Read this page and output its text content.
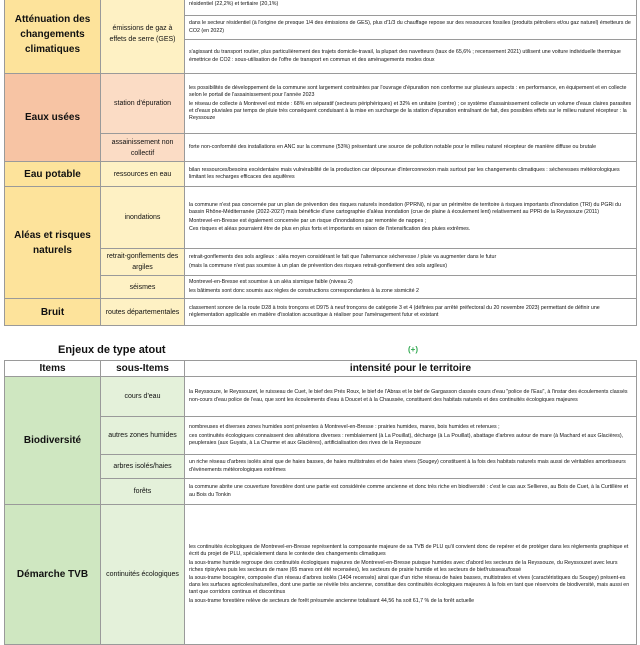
Atténuation des changements climatiques	émissions de gaz à effets de serre (GES)	résidentiel (22,2%) et tertiaire (20,1%)
		dans le secteur résidentiel (à l'origine de presque 1/4 des émissions de GES), plus d'1/3 du chauffage repose sur des ressources fossiles (produits pétroliers et/ou gaz naturel) émetteurs de CO2 (en 2022)
		s'agissant du transport routier, plus particulièrement des trajets domicile-travail, la plupart des navetteurs (taux de 65,6% ; recensement 2021) utilisent une voiture individuelle thermique émettrice de CO2 : sous-utilisation de l'offre de transport en commun et des aménagements modes doux
Eaux usées	station d'épuration	les possibilités de développement de la commune sont largement contraintes par l'ouvrage d'épuration non conforme sur plusieurs aspects : en performance, en équipement et en collecte selon le portail de l'assainissement pour l'année 2023

le réseau de collecte à Montrevel est mixte : 68% en séparatif (secteurs périphériques) et 32% en unitaire (centre) ; ce système d'assainissement collecte un volume d'eaux claires parasites et d'eaux pluviales par temps de pluie très conséquent conduisant à la mise en surcharge de la station d'épuration entraînant de fait, des possibles effets sur le milieu naturel récepteur : la Reyssouze

	assainissement non collectif	forte non-conformité des installations en ANC sur la commune (53%) présentant une source de pollution notable pour le milieu naturel récepteur de manière diffuse ou brutale
Eau potable	ressources en eau	bilan ressources/besoins excédentaire mais vulnérabilité de la production car dépourvue d'interconnexion mais surtout par les changements climatiques : sécheresses météorologiques limitant les recharges efficaces des aquifères
Aléas et risques naturels	inondations	la commune n'est pas concernée par un plan de prévention des risques naturels inondation (PPRNi), ni par un périmètre de territoire à risques importants d'inondation (TRI) du PGRi du bassin Rhône-Méditerranée (2022-2027) mais bénéficie d'une cartographie d'aléas inondation (crue de plaine à écoulement lent) relativement au PPRi de la Reyssouze (2011)

Montrevel-en-Bresse est également concernée par un risque d'inondations par remontée de nappes ;

Ces risques et aléas pourraient être de plus en plus forts et importants en raison de l'intensification des pluies extrêmes.

	retrait-gonflements des argiles	retrait-gonflements des sols argileux : aléa moyen considérant le fait que l'alternance sécheresse / pluie va augmenter dans le futur

(mais la commune n'est pas soumise à un plan de prévention des risques retrait-gonflement des sols argileux)

	séismes	Montrevel-en-Bresse est soumise à un aléa sismique faible (niveau 2)

les bâtiments sont donc soumis aux règles de constructions correspondantes à la zone sismicité 2

Bruit	routes départementales	classement sonore de la route D28 à trois tronçons et D975 à neuf tronçons de catégorie 3 et 4 (définies par arrêté préfectoral du 20 novembre 2023) permettant de définir une réglementation applicable en matière d'isolation acoustique à réaliser pour l'aménagement futur et existant
Enjeux de type atout	(+)
Items	sous-Items	intensité pour le territoire
Biodiversité	cours d'eau	la Reyssouze, le Reyssouzet, le ruisseau de Cuet, le bief des Prés Roux, le bief de l'Abras et le bief de Gargasson classés cours d'eau "police de l'Eau", à l'instar des écoulements classés non-cours d'eau police de l'eau, que sont les écoulements d'eau à Doucet et à la Chaussée, constituent des habitats naturels et des continuités écologiques majeures
	autres zones humides	nombreuses et diverses zones humides sont présentes à Montrevel-en-Bresse : prairies humides, mares, bois humides et retenues ;

ces continuités écologiques connaissent des altérations diverses : remblaiement (à La Pouillat), décharge (à La Pouillat), abattage d'arbres autour de mare (à Machard et aux Glacières), peupleraies (aux Guyats, à La Charme et aux Glacières), artificialisation des rives de la Reyssouze

	arbres isolés/haies	un riche réseau d'arbres isolés ainsi que de haies basses, de haies multistrates et de haies vives (Sougey) constituent à la fois des habitats naturels mais aussi de véritables amortisseurs d'évènements météorologiques extrêmes
	forêts	la commune abrite une couverture forestière dont une partie est considérée comme ancienne et donc très riche en biodiversité : c'est le cas aux Sellieres, au Bois de Cuet, à la Curtillère et au Bois du Tonkin
Démarche TVB	continuités écologiques	les continuités écologiques de Montrevel-en-Bresse représentent la composante majeure de sa TVB de PLU qu'il convient donc de repérer et de protéger dans les règlements graphique et écrit du projet de PLU, spécialement dans le contexte des changements climatiques

la sous-trame humide regroupe des continuités écologiques majeures de Montrevel-en-Bresse puisque humides avec d'abord les secteurs de la Reyssouze, du Reyssouzet avec leurs riches ripisylves puis les secteurs de mare (65 mares ont été recensées), les secteurs de prairie humide et les secteurs de bief/ruisseau/fossé

la sous-trame bocagère, composée d'un réseau d'arbres isolés (1404 recensés) ainsi que d'un riche réseau de haies basses, multistrates et vives (caractéristiques du Sougey) présent-es dans les surfaces agricoles/naturelles, dont une partie se révèle très ancienne, constitue des continuités écologiques majeures à la fois en tant que réservoirs de biodiversité, mais aussi en tant que corridors continus et discontinus

la sous-trame forestière relève de secteurs de forêt présumée ancienne totalisant 44,56 ha soit 61,7 % de la forêt actuelle
